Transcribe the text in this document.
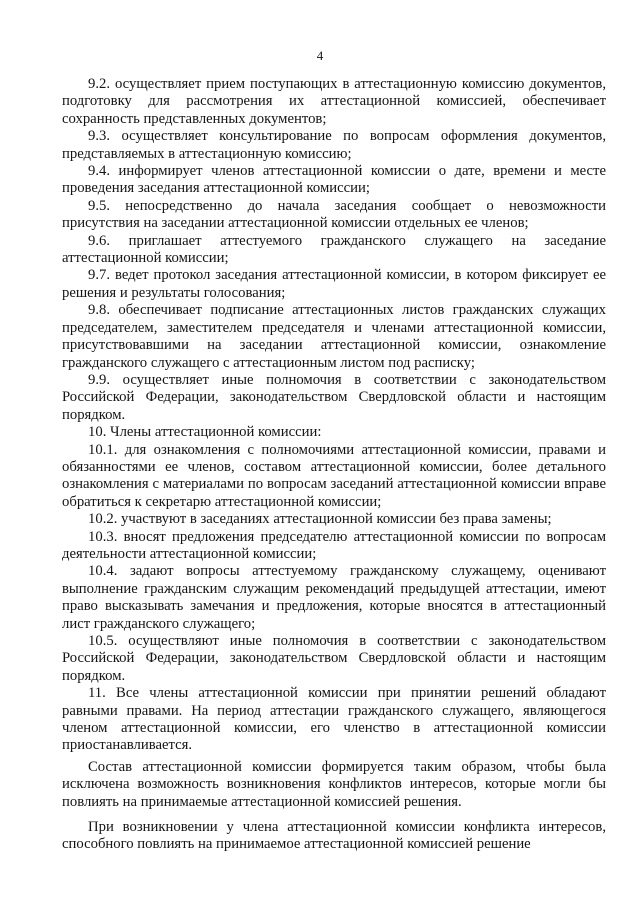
4

9.2. осуществляет прием поступающих в аттестационную комиссию документов, подготовку для рассмотрения их аттестационной комиссией, обеспечивает сохранность представленных документов;

9.3. осуществляет консультирование по вопросам оформления документов, представляемых в аттестационную комиссию;

9.4. информирует членов аттестационной комиссии о дате, времени и месте проведения заседания аттестационной комиссии;

9.5. непосредственно до начала заседания сообщает о невозможности присутствия на заседании аттестационной комиссии отдельных ее членов;

9.6. приглашает аттестуемого гражданского служащего на заседание аттестационной комиссии;

9.7. ведет протокол заседания аттестационной комиссии, в котором фиксирует ее решения и результаты голосования;

9.8. обеспечивает подписание аттестационных листов гражданских служащих председателем, заместителем председателя и членами аттестационной комиссии, присутствовавшими на заседании аттестационной комиссии, ознакомление гражданского служащего с аттестационным листом под расписку;

9.9. осуществляет иные полномочия в соответствии с законодательством Российской Федерации, законодательством Свердловской области и настоящим порядком.

10. Члены аттестационной комиссии:

10.1. для ознакомления с полномочиями аттестационной комиссии, правами и обязанностями ее членов, составом аттестационной комиссии, более детального ознакомления с материалами по вопросам заседаний аттестационной комиссии вправе обратиться к секретарю аттестационной комиссии;

10.2. участвуют в заседаниях аттестационной комиссии без права замены;

10.3. вносят предложения председателю аттестационной комиссии по вопросам деятельности аттестационной комиссии;

10.4. задают вопросы аттестуемому гражданскому служащему, оценивают выполнение гражданским служащим рекомендаций предыдущей аттестации, имеют право высказывать замечания и предложения, которые вносятся в аттестационный лист гражданского служащего;

10.5. осуществляют иные полномочия в соответствии с законодательством Российской Федерации, законодательством Свердловской области и настоящим порядком.

11. Все члены аттестационной комиссии при принятии решений обладают равными правами. На период аттестации гражданского служащего, являющегося членом аттестационной комиссии, его членство в аттестационной комиссии приостанавливается.

Состав аттестационной комиссии формируется таким образом, чтобы была исключена возможность возникновения конфликтов интересов, которые могли бы повлиять на принимаемые аттестационной комиссией решения.

При возникновении у члена аттестационной комиссии конфликта интересов, способного повлиять на принимаемое аттестационной комиссией решение
